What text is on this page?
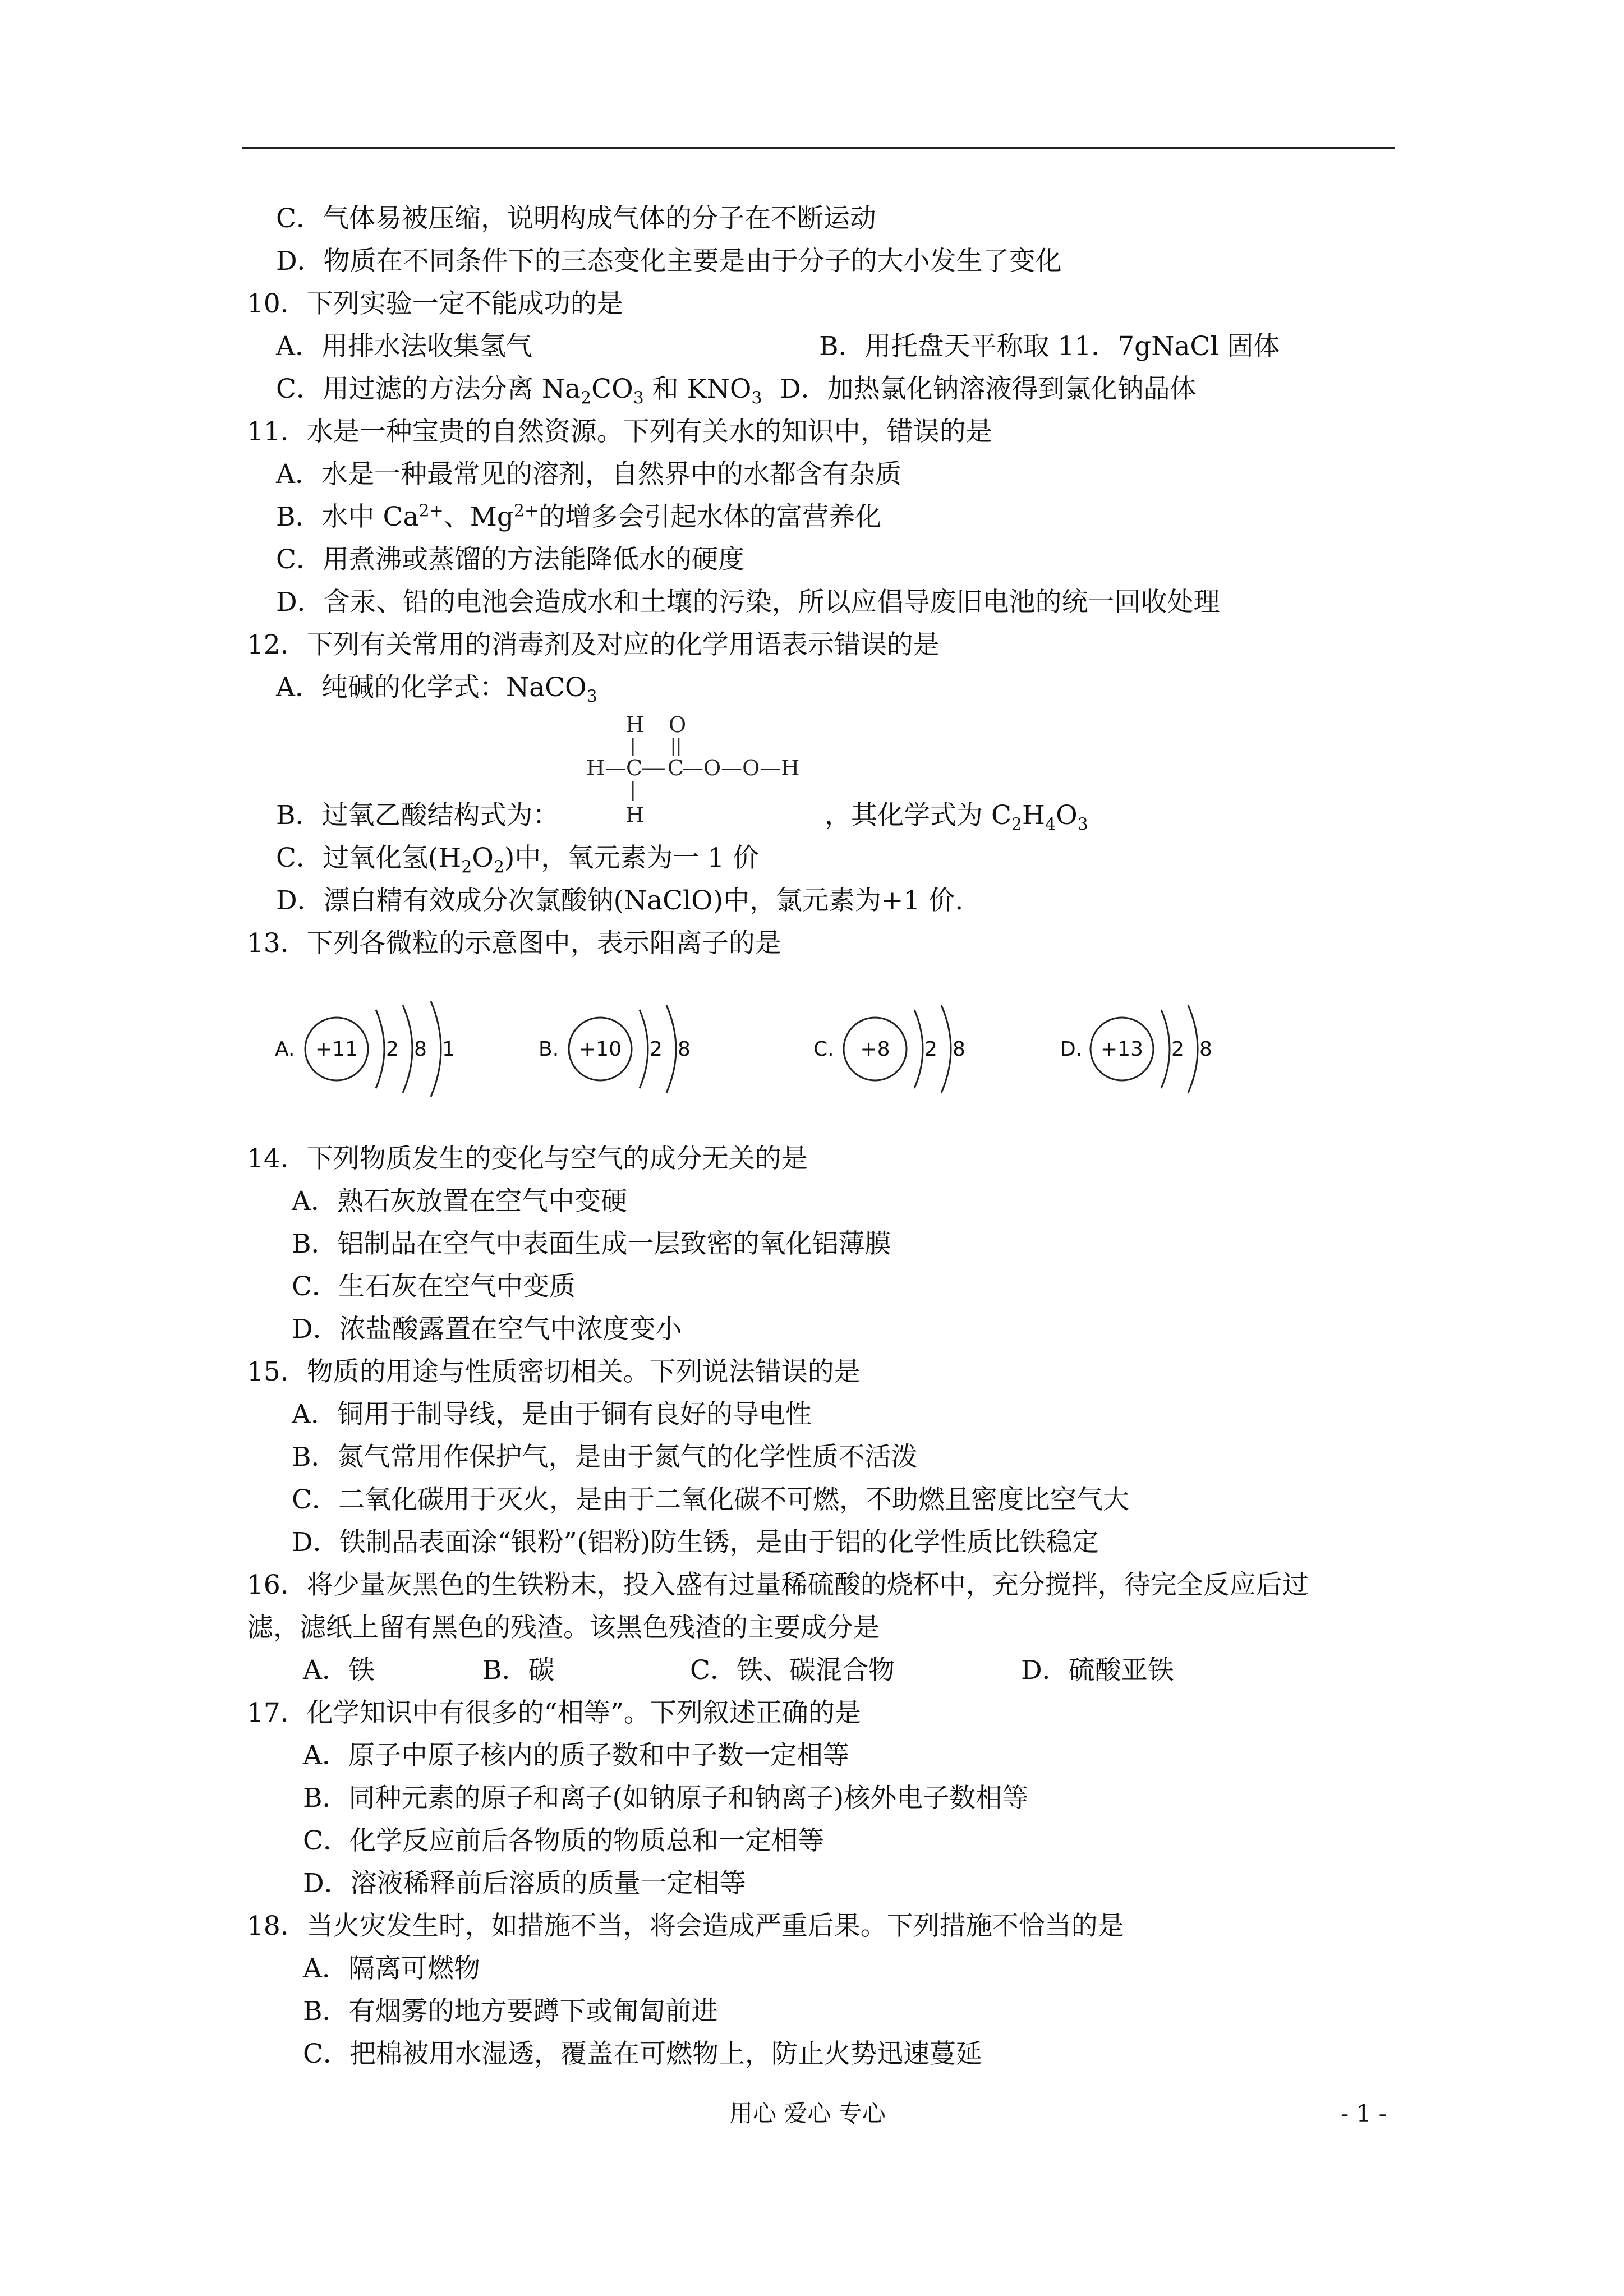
C．气体易被压缩，说明构成气体的分子在不断运动
D．物质在不同条件下的三态变化主要是由于分子的大小发生了变化
10．下列实验一定不能成功的是
A．用排水法收集氢气	B．用托盘天平称取 11．7gNaCl 固体
C．用过滤的方法分离 $Na_2CO_3$ 和 $KNO_3$ D．加热氯化钠溶液得到氯化钠晶体
11．水是一种宝贵的自然资源。下列有关水的知识中，错误的是
A．水是一种最常见的溶剂，自然界中的水都含有杂质
B．水中 $Ca^{2+}$、$Mg^{2+}$的增多会引起水体的富营养化
C．用煮沸或蒸馏的方法能降低水的硬度
D．含汞、铅的电池会造成水和土壤的污染，所以应倡导废旧电池的统一回收处理
12．下列有关常用的消毒剂及对应的化学用语表示错误的是
A．纯碱的化学式：NaCO$_3$
H O
H— C C
—O—O—H
H
B．过氧乙酸结构式为：	，其化学式为 $C_2H_4O_3$
C．过氧化氢$(H_2O_2)$中，氧元素为一 1 价
D．漂白精有效成分次氯酸钠(NaClO)中，氯元素为+1 价.
13．下列各微粒的示意图中，表示阳离子的是
A. +11 2 8 1	B. +10 2 8	C. +8 2 8	D. +13 2 8
14．下列物质发生的变化与空气的成分无关的是
A．熟石灰放置在空气中变硬
B．铝制品在空气中表面生成一层致密的氧化铝薄膜
C．生石灰在空气中变质
D．浓盐酸露置在空气中浓度变小
15．物质的用途与性质密切相关。下列说法错误的是
A．铜用于制导线，是由于铜有良好的导电性
B．氮气常用作保护气，是由于氮气的化学性质不活泼
C．二氧化碳用于灭火，是由于二氧化碳不可燃，不助燃且密度比空气大
D．铁制品表面涂“银粉”(铝粉)防生锈，是由于铝的化学性质比铁稳定
16．将少量灰黑色的生铁粉末，投入盛有过量稀硫酸的烧杯中，充分搅拌，待完全反应后过
滤，滤纸上留有黑色的残渣。该黑色残渣的主要成分是
A．铁	B．碳	C．铁、碳混合物	D．硫酸亚铁
17．化学知识中有很多的“相等”。下列叙述正确的是
A．原子中原子核内的质子数和中子数一定相等
B．同种元素的原子和离子(如钠原子和钠离子)核外电子数相等
C．化学反应前后各物质的物质总和一定相等
D．溶液稀释前后溶质的质量一定相等
18．当火灾发生时，如措施不当，将会造成严重后果。下列措施不恰当的是
A．隔离可燃物
B．有烟雾的地方要蹲下或匍匐前进
C．把棉被用水湿透，覆盖在可燃物上，防止火势迅速蔓延
用心 爱心 专心	- 1 -
